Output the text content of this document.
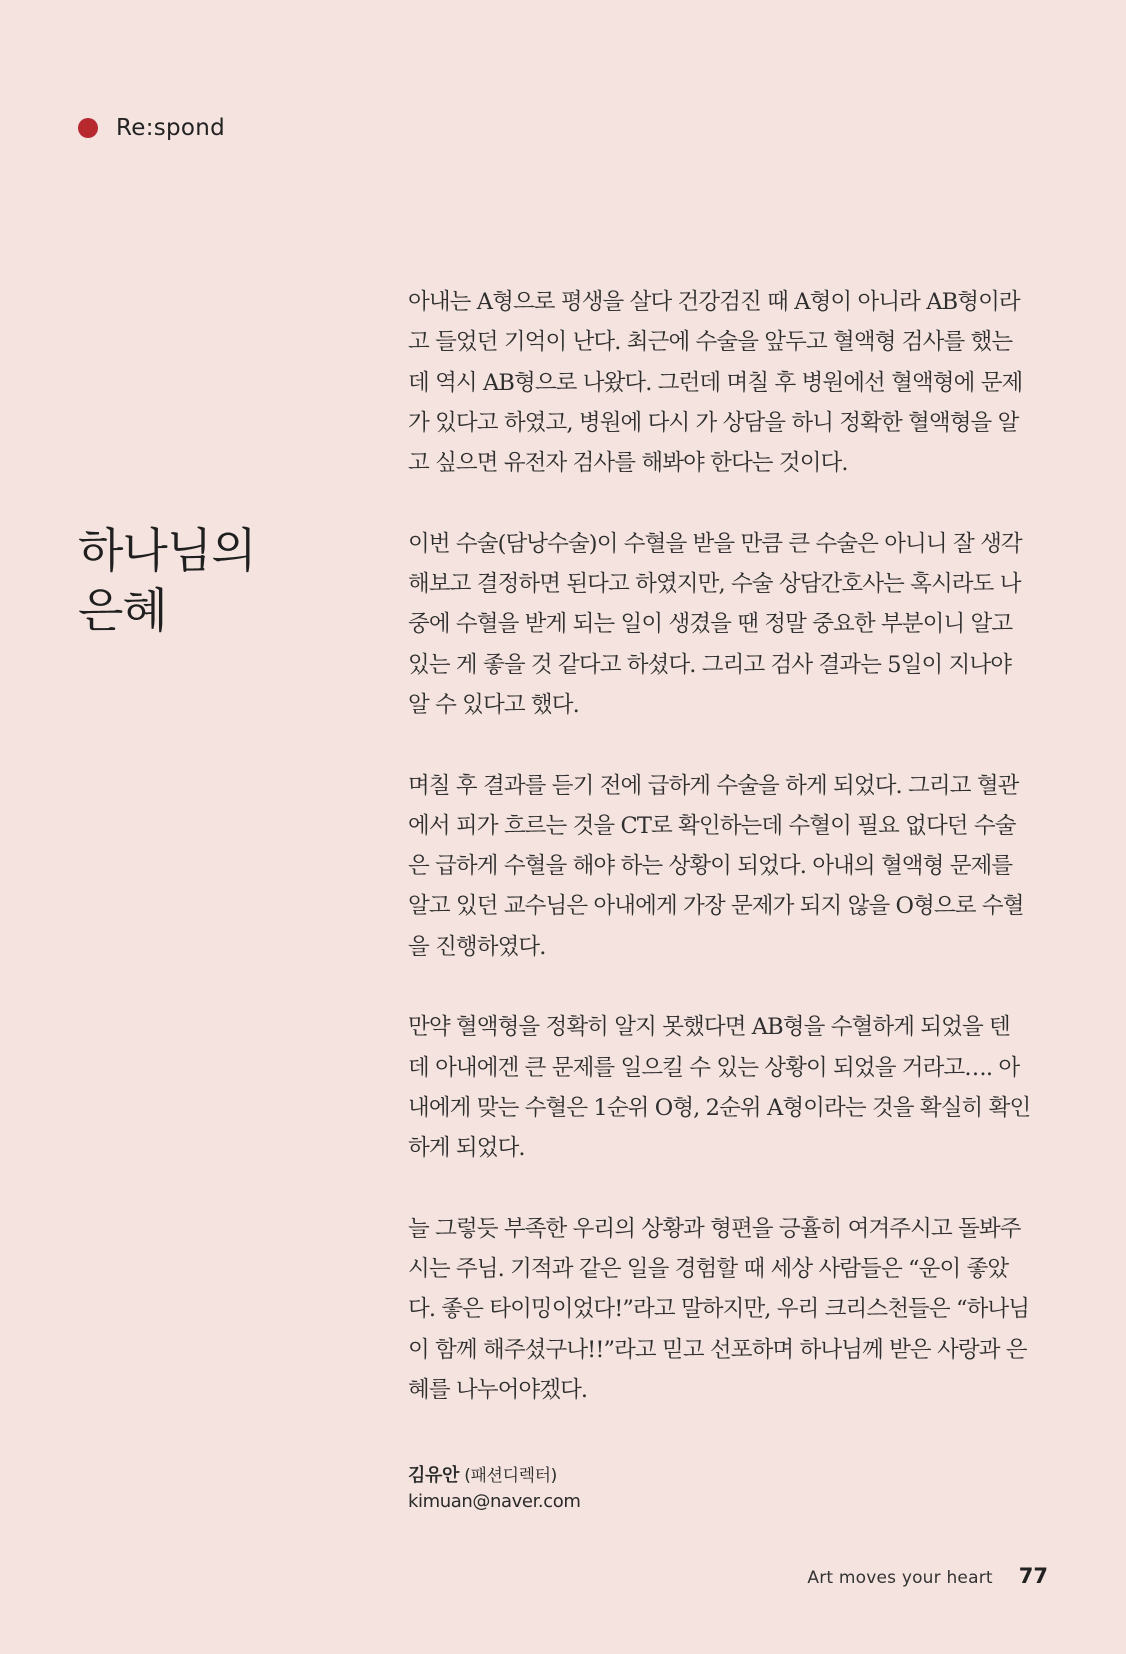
Re:spond
하나님의
은혜
아내는 A형으로 평생을 살다 건강검진 때 A형이 아니라 AB형이라
고 들었던 기억이 난다. 최근에 수술을 앞두고 혈액형 검사를 했는
데 역시 AB형으로 나왔다. 그런데 며칠 후 병원에선 혈액형에 문제
가 있다고 하였고, 병원에 다시 가 상담을 하니 정확한 혈액형을 알
고 싶으면 유전자 검사를 해봐야 한다는 것이다.
이번 수술(담낭수술)이 수혈을 받을 만큼 큰 수술은 아니니 잘 생각
해보고 결정하면 된다고 하였지만, 수술 상담간호사는 혹시라도 나
중에 수혈을 받게 되는 일이 생겼을 땐 정말 중요한 부분이니 알고
있는 게 좋을 것 같다고 하셨다. 그리고 검사 결과는 5일이 지나야
알 수 있다고 했다.
며칠 후 결과를 듣기 전에 급하게 수술을 하게 되었다. 그리고 혈관
에서 피가 흐르는 것을 CT로 확인하는데 수혈이 필요 없다던 수술
은 급하게 수혈을 해야 하는 상황이 되었다. 아내의 혈액형 문제를
알고 있던 교수님은 아내에게 가장 문제가 되지 않을 O형으로 수혈
을 진행하였다.
만약 혈액형을 정확히 알지 못했다면 AB형을 수혈하게 되었을 텐
데 아내에겐 큰 문제를 일으킬 수 있는 상황이 되었을 거라고…. 아
내에게 맞는 수혈은 1순위 O형, 2순위 A형이라는 것을 확실히 확인
하게 되었다.
늘 그렇듯 부족한 우리의 상황과 형편을 긍휼히 여겨주시고 돌봐주
시는 주님. 기적과 같은 일을 경험할 때 세상 사람들은 “운이 좋았
다. 좋은 타이밍이었다!”라고 말하지만, 우리 크리스천들은 “하나님
이 함께 해주셨구나!!”라고 믿고 선포하며 하나님께 받은 사랑과 은
혜를 나누어야겠다.
김유안 (패션디렉터)
kimuan@naver.com
Art moves your heart 77
